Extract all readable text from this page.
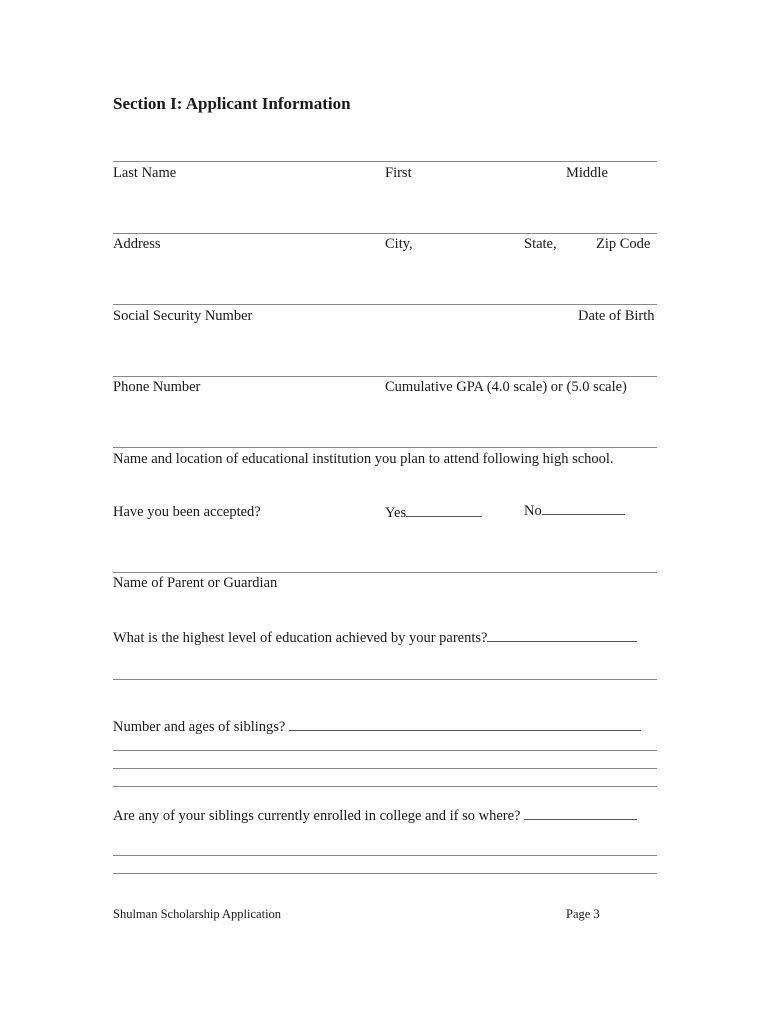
Section I: Applicant Information
Last Name	First	Middle
Address	City,	State,	Zip Code
Social Security Number	Date of Birth
Phone Number	Cumulative GPA (4.0 scale) or (5.0 scale)
Name and location of educational institution you plan to attend following high school.
Have you been accepted?	Yes	No
Name of Parent or Guardian
What is the highest level of education achieved by your parents?
Number and ages of siblings?
Are any of your siblings currently enrolled in college and if so where?
Shulman Scholarship Application	Page 3
